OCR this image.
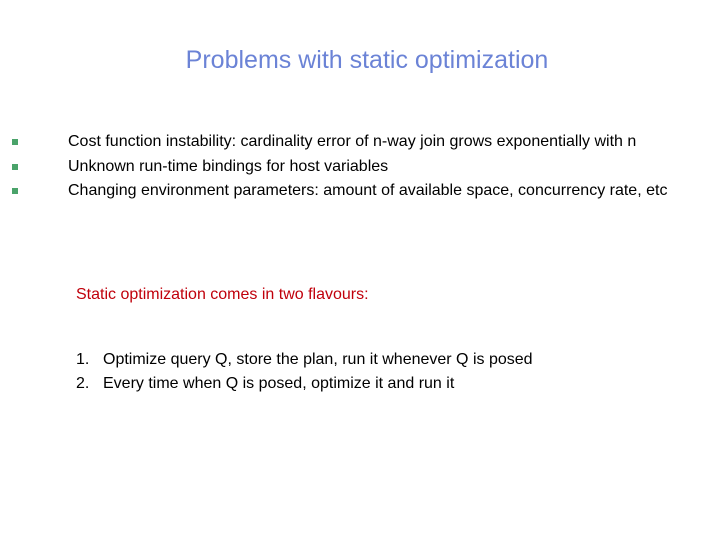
Problems with static optimization
Cost function instability: cardinality error of n-way join grows exponentially with n
Unknown run-time bindings for host variables
Changing environment parameters: amount of available space, concurrency rate, etc

Static optimization comes in two flavours:

1. Optimize query Q, store the plan, run it whenever Q is posed
2. Every time when Q is posed, optimize it and run it
